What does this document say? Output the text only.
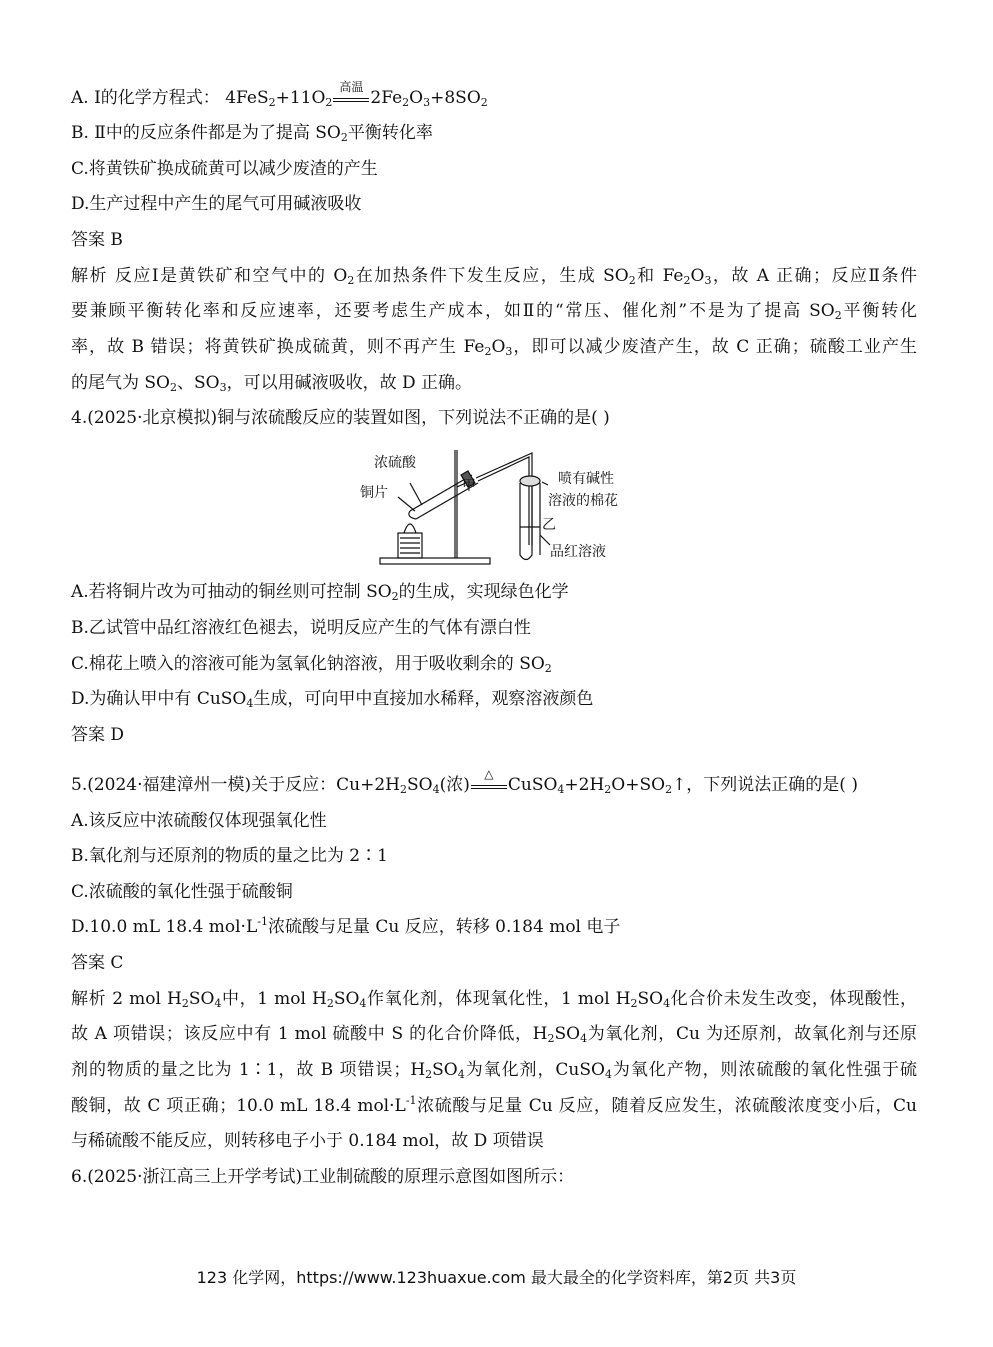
A. Ⅰ的化学方程式： $4FeS_2+11O_2$
高温
$2Fe_2O_3+8SO_2$
B. Ⅱ中的反应条件都是为了提高 $SO_2$平衡转化率
C.将黄铁矿换成硫黄可以减少废渣的产生
D.生产过程中产生的尾气可用碱液吸收
答案 B
解析 反应Ⅰ是黄铁矿和空气中的 $O_2$在加热条件下发生反应，生成 $SO_2$和 $Fe_2O_3$，故 A 正确；反应Ⅱ条件
要兼顾平衡转化率和反应速率，还要考虑生产成本，如Ⅱ的“常压、催化剂”不是为了提高 $SO_2$平衡转化
率，故 B 错误；将黄铁矿换成硫黄，则不再产生 $Fe_2O_3$，即可以减少废渣产生，故 C 正确；硫酸工业产生
的尾气为 $SO_2$、$SO_3$，可以用碱液吸收，故 D 正确。
4.(2025·北京模拟)铜与浓硫酸反应的装置如图，下列说法不正确的是( )
浓硫酸
铜片	甲	喷有碱性
溶液的棉花
乙
品红溶液
A.若将铜片改为可抽动的铜丝则可控制 $SO_2$的生成，实现绿色化学
B.乙试管中品红溶液红色褪去，说明反应产生的气体有漂白性
C.棉花上喷入的溶液可能为氢氧化钠溶液，用于吸收剩余的 $SO_2$
D.为确认甲中有 CuSO$_4$生成，可向甲中直接加水稀释，观察溶液颜色
答案 D
5.(2024·福建漳州一模)关于反应：$Cu+2H_2SO_4$(浓)
△
$CuSO_4+2H_2O+SO_2↑$，下列说法正确的是( )
A.该反应中浓硫酸仅体现强氧化性
B.氧化剂与还原剂的物质的量之比为 2∶1
C.浓硫酸的氧化性强于硫酸铜
D.10.0 mL 18.4 $mol\cdot L^{-1}$浓硫酸与足量 Cu 反应，转移 0.184 mol 电子
答案 C
解析 2 mol $H_2SO_4$中，1 mol $H_2SO_4$作氧化剂，体现氧化性，1 mol $H_2SO_4$化合价未发生改变，体现酸性，
故 A 项错误；该反应中有 1 mol 硫酸中 S 的化合价降低，$H_2SO_4$为氧化剂，Cu 为还原剂，故氧化剂与还原
剂的物质的量之比为 1∶1，故 B 项错误；$H_2SO_4$为氧化剂，CuSO$_4$为氧化产物，则浓硫酸的氧化性强于硫
酸铜，故 C 项正确；10.0 mL 18.4 $mol\cdot L^{-1}$浓硫酸与足量 Cu 反应，随着反应发生，浓硫酸浓度变小后，Cu
与稀硫酸不能反应，则转移电子小于 0.184 mol，故 D 项错误
6.(2025·浙江高三上开学考试)工业制硫酸的原理示意图如图所示：
123 化学网，https://www.123huaxue.com 最大最全的化学资料库，第2页 共3页
